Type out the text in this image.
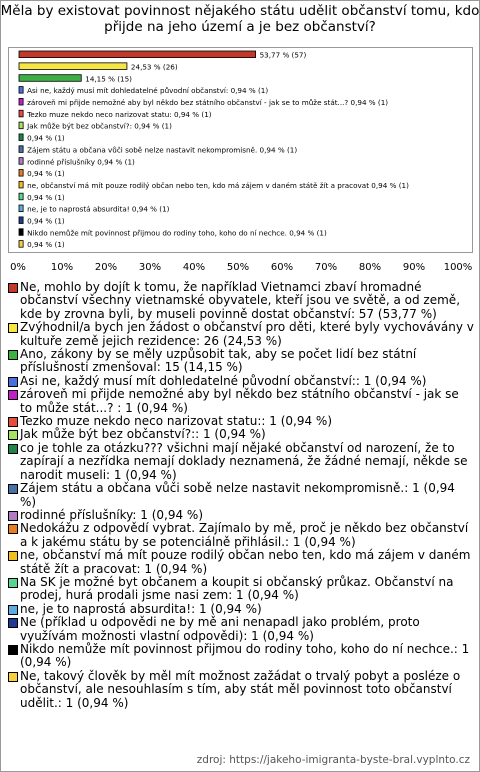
Měla by existovat povinnost nějakého státu udělit občanství tomu, kdo přijde na jeho území a je bez občanství?
53,77 % (57)
24,53 % (26)
14,15 % (15)
Asi ne, každý musí mít dohledatelné původní občanství: 0,94 % (1)
zároveň mi přijde nemožné aby byl někdo bez státního občanství - jak se to může stát...? 0,94 % (1)
Tezko muze nekdo neco narizovat statu: 0,94 % (1)
Jak může být bez občanství?: 0,94 % (1)
0,94 % (1)
Zájem státu a občana vůči sobě nelze nastavit nekompromisně. 0,94 % (1)
rodinné příslušníky 0,94 % (1)
0,94 % (1)
ne, občanství má mít pouze rodilý občan nebo ten, kdo má zájem v daném státě žít a pracovat 0,94 % (1)
0,94 % (1)
ne, je to naprostá absurdita! 0,94 % (1)
0,94 % (1)
Nikdo nemůže mít povinnost přijmou do rodiny toho, koho do ní nechce. 0,94 % (1)
0,94 % (1)
0% 10% 20% 30% 40% 50% 60% 70% 80% 90% 100%
Ne, mohlo by dojít k tomu, že například Vietnamci zbaví hromadné občanství všechny vietnamské obyvatele, kteří jsou ve světě, a od země, kde by zrovna byli, by museli povinně dostat občanství: 57 (53,77 %)
Zvýhodnil/a bych jen žádost o občanství pro děti, které byly vychovávány v kultuře země jejich rezidence: 26 (24,53 %)
Ano, zákony by se měly uzpůsobit tak, aby se počet lidí bez státní příslušnosti zmenšoval: 15 (14,15 %)
Asi ne, každý musí mít dohledatelné původní občanství:: 1 (0,94 %)
zároveň mi přijde nemožné aby byl někdo bez státního občanství - jak se to může stát...? : 1 (0,94 %)
Tezko muze nekdo neco narizovat statu:: 1 (0,94 %)
Jak může být bez občanství?:: 1 (0,94 %)
co je tohle za otázku??? všichni mají nějaké občanství od narození, že to zapírají a nezřídka nemají doklady neznamená, že žádné nemají, někde se narodit museli: 1 (0,94 %)
Zájem státu a občana vůči sobě nelze nastavit nekompromisně.: 1 (0,94 %)
rodinné příslušníky: 1 (0,94 %)
Nedokážu z odpovědí vybrat. Zajímalo by mě, proč je někdo bez občanství a k jakému státu by se potenciálně přihlásil.: 1 (0,94 %)
ne, občanství má mít pouze rodilý občan nebo ten, kdo má zájem v daném státě žít a pracovat: 1 (0,94 %)
Na SK je možné byt občanem a koupit si občanský průkaz. Občanství na prodej, hurá prodali jsme nasi zem: 1 (0,94 %)
ne, je to naprostá absurdita!: 1 (0,94 %)
Ne (příklad u odpovědi ne by mě ani nenapadl jako problém, proto využívám možnosti vlastní odpovědi): 1 (0,94 %)
Nikdo nemůže mít povinnost přijmou do rodiny toho, koho do ní nechce.: 1 (0,94 %)
Ne, takový člověk by měl mít možnost zažádat o trvalý pobyt a posléze o občanství, ale nesouhlasím s tím, aby stát měl povinnost toto občanství udělit.: 1 (0,94 %)
zdroj: https://jakeho-imigranta-byste-bral.vyplnto.cz
